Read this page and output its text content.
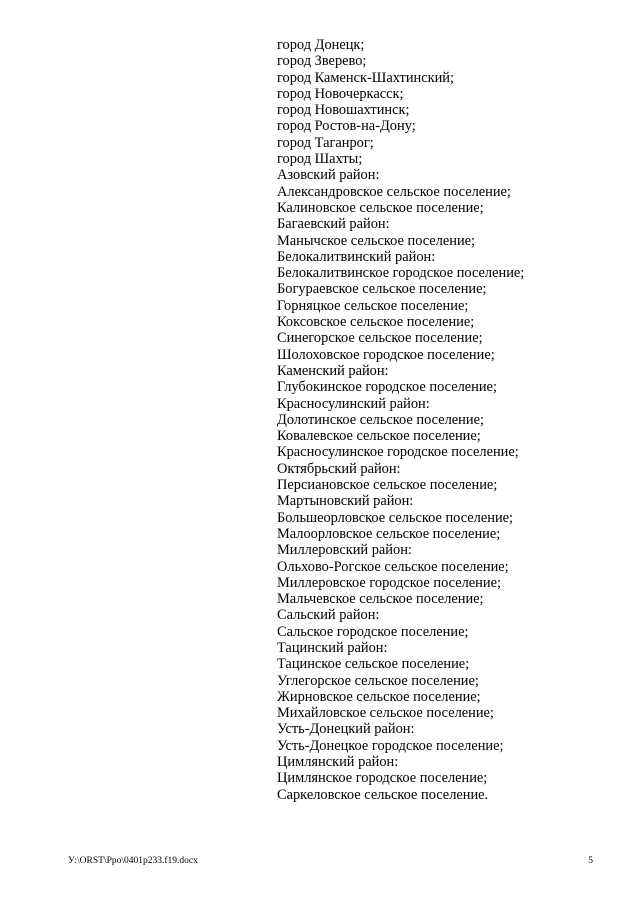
город Донецк;
город Зверево;
город Каменск-Шахтинский;
город Новочеркасск;
город Новошахтинск;
город Ростов-на-Дону;
город Таганрог;
город Шахты;
Азовский район:
Александровское сельское поселение;
Калиновское сельское поселение;
Багаевский район:
Манычское сельское поселение;
Белокалитвинский район:
Белокалитвинское городское поселение;
Богураевское сельское поселение;
Горняцкое сельское поселение;
Коксовское сельское поселение;
Синегорское сельское поселение;
Шолоховское городское поселение;
Каменский район:
Глубокинское городское поселение;
Красносулинский район:
Долотинское сельское поселение;
Ковалевское сельское поселение;
Красносулинское городское поселение;
Октябрьский район:
Персиановское сельское поселение;
Мартыновский район:
Большеорловское сельское поселение;
Малоорловское сельское поселение;
Миллеровский район:
Ольхово-Рогское сельское поселение;
Миллеровское городское поселение;
Мальчевское сельское поселение;
Сальский район:
Сальское городское поселение;
Тацинский район:
Тацинское сельское поселение;
Углегорское сельское поселение;
Жирновское сельское поселение;
Михайловское сельское поселение;
Усть-Донецкий район:
Усть-Донецкое городское поселение;
Цимлянский район:
Цимлянское городское поселение;
Саркеловское сельское поселение.
У:\ORST\Ppo\0401p233.f19.docx	5
